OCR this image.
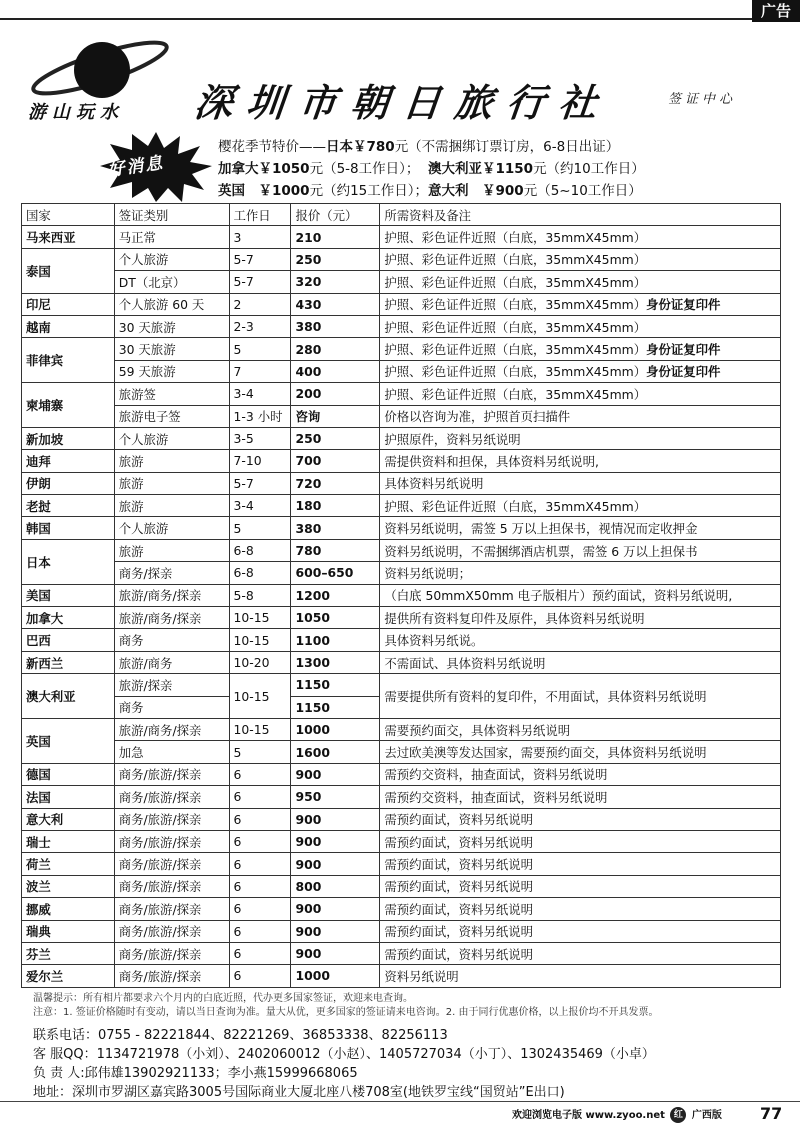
广告
游山玩水 深圳市朝日旅行社	签证中心
好消息
樱花季节特价——日本￥780元（不需捆绑订票订房，6-8日出证）
加拿大￥1050元（5-8工作日）； 澳大利亚￥1150元（约10工作日）
英国　￥1000元（约15工作日）；意大利　￥900元（5~10工作日）
国家	签证类别	工作日	报价（元）	所需资料及备注
马来西亚	马正常	3	210	护照、彩色证件近照（白底，35mmX45mm）
泰国	个人旅游	5-7	250	护照、彩色证件近照（白底，35mmX45mm）
	DT（北京）	5-7	320	护照、彩色证件近照（白底，35mmX45mm）
印尼	个人旅游 60 天	2	430	护照、彩色证件近照（白底，35mmX45mm）身份证复印件
越南	30 天旅游	2-3	380	护照、彩色证件近照（白底，35mmX45mm）
菲律宾	30 天旅游	5	280	护照、彩色证件近照（白底，35mmX45mm）身份证复印件
	59 天旅游	7	400	护照、彩色证件近照（白底，35mmX45mm）身份证复印件
柬埔寨	旅游签	3-4	200	护照、彩色证件近照（白底，35mmX45mm）
	旅游电子签	1-3 小时	咨询	价格以咨询为准，护照首页扫描件
新加坡	个人旅游	3-5	250	护照原件，资料另纸说明
迪拜	旅游	7-10	700	需提供资料和担保，具体资料另纸说明,
伊朗	旅游	5-7	720	具体资料另纸说明
老挝	旅游	3-4	180	护照、彩色证件近照（白底，35mmX45mm）
韩国	个人旅游	5	380	资料另纸说明，需签 5 万以上担保书，视情况而定收押金
日本	旅游	6-8	780	资料另纸说明，不需捆绑酒店机票，需签 6 万以上担保书
	商务/探亲	6-8	600–650	资料另纸说明；
美国	旅游/商务/探亲	5-8	1200	（白底 50mmX50mm 电子版相片）预约面试，资料另纸说明,
加拿大	旅游/商务/探亲	10-15	1050	提供所有资料复印件及原件，具体资料另纸说明
巴西	商务	10-15	1100	具体资料另纸说。
新西兰	旅游/商务	10-20	1300	不需面试、具体资料另纸说明
澳大利亚	旅游/探亲	10-15	1150	需要提供所有资料的复印件，不用面试，具体资料另纸说明
	商务		1150	
英国	旅游/商务/探亲	10-15	1000	需要预约面交，具体资料另纸说明
	加急	5	1600	去过欧美澳等发达国家，需要预约面交，具体资料另纸说明
德国	商务/旅游/探亲	6	900	需预约交资料，抽查面试，资料另纸说明
法国	商务/旅游/探亲	6	950	需预约交资料，抽查面试，资料另纸说明
意大利	商务/旅游/探亲	6	900	需预约面试，资料另纸说明
瑞士	商务/旅游/探亲	6	900	需预约面试，资料另纸说明
荷兰	商务/旅游/探亲	6	900	需预约面试，资料另纸说明
波兰	商务/旅游/探亲	6	800	需预约面试，资料另纸说明
挪威	商务/旅游/探亲	6	900	需预约面试，资料另纸说明
瑞典	商务/旅游/探亲	6	900	需预约面试，资料另纸说明
芬兰	商务/旅游/探亲	6	900	需预约面试，资料另纸说明
爱尔兰	商务/旅游/探亲	6	1000	资料另纸说明
温馨提示：所有相片都要求六个月内的白底近照，代办更多国家签证，欢迎来电查询。
注意：1. 签证价格随时有变动，请以当日查询为准。量大从优，更多国家的签证请来电咨询。2. 由于同行优惠价格，以上报价均不开具发票。
联系电话：0755 - 82221844、82221269、36853338、82256113
客 服QQ：1134721978（小刘）、2402060012（小赵）、1405727034（小丁）、1302435469（小卓）
负 责 人:邱伟雄13902921133；李小燕15999668065
地址：深圳市罗湖区嘉宾路3005号国际商业大厦北座八楼708室(地铁罗宝线“国贸站”E出口)
欢迎浏览电子版 www.zyoo.net 红 广西版 77
